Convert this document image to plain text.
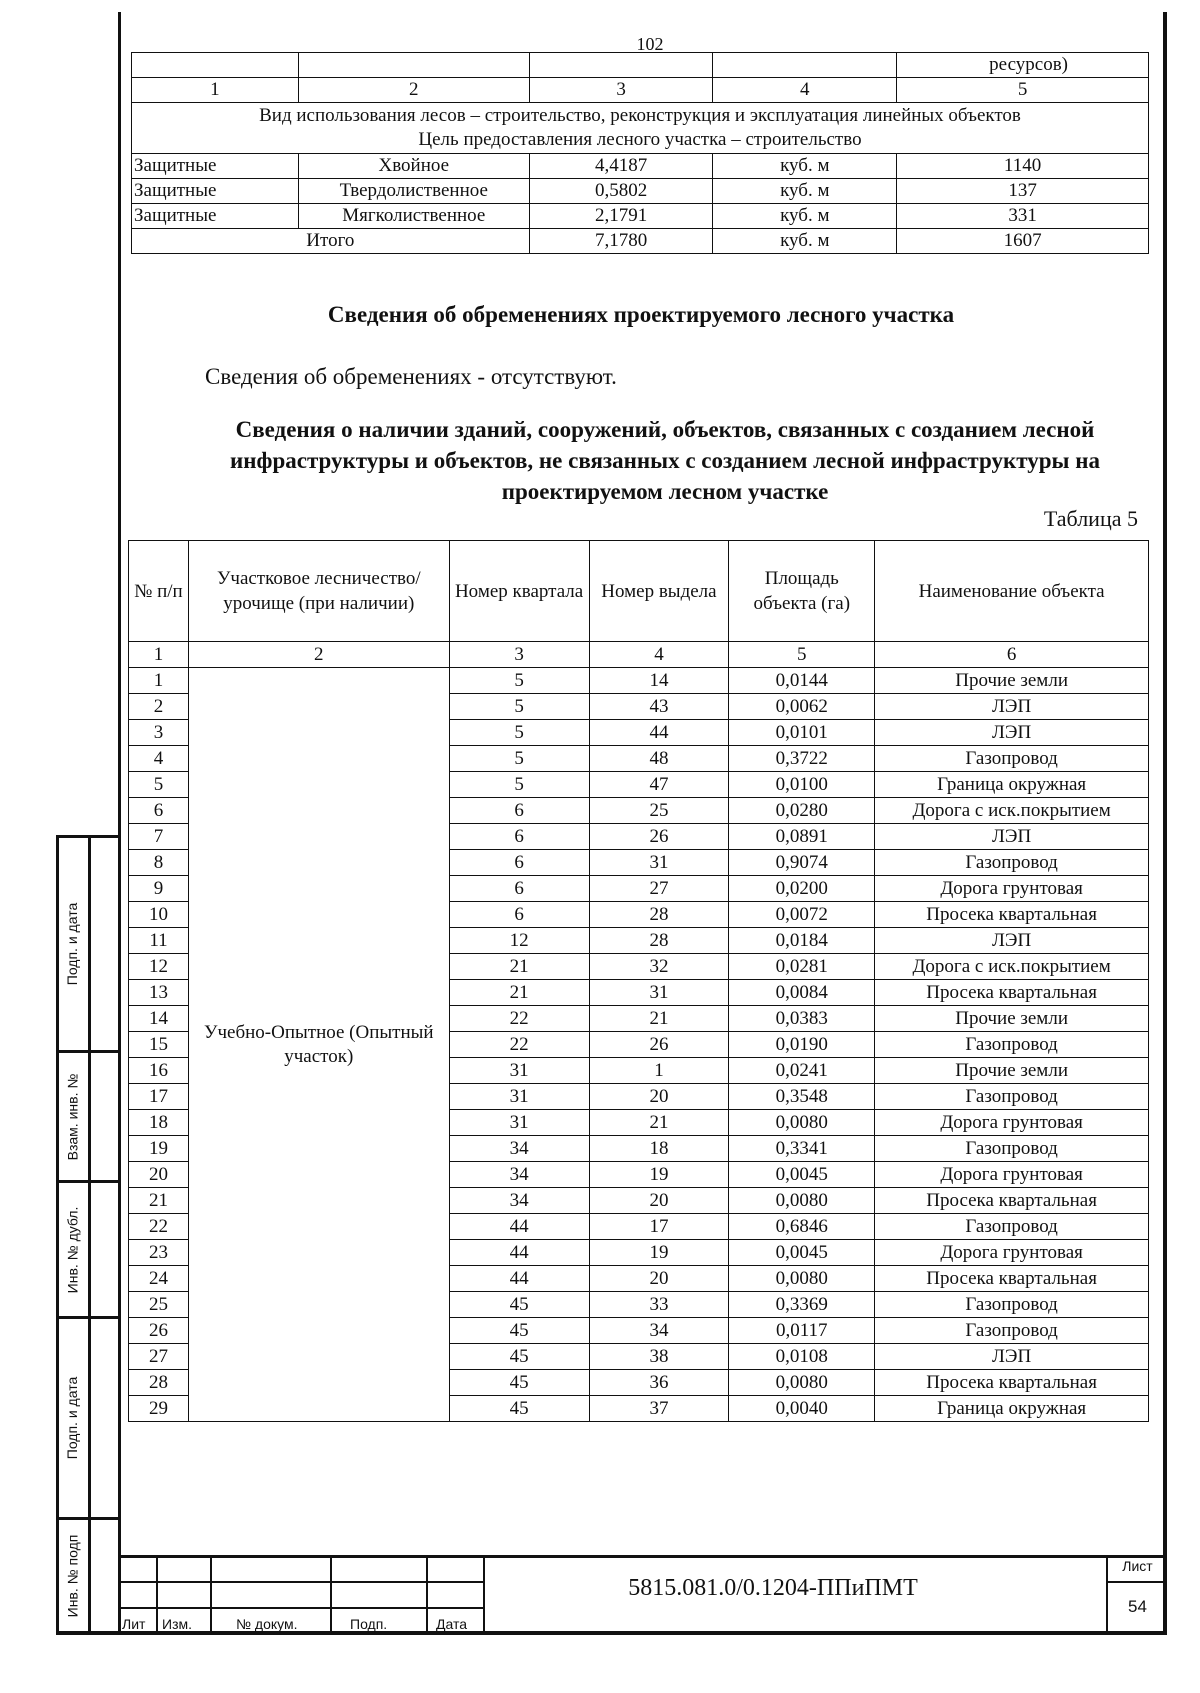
102
				ресурсов)
1	2	3	4	5

Вид использования лесов – строительство, реконструкция и эксплуатация линейных объектов
Цель предоставления лесного участка – строительство				

Защитные	Хвойное	4,4187	куб. м	1140
Защитные	Твердолиственное	0,5802	куб. м	137
Защитные	Мягколиственное	2,1791	куб. м	331
Итого		7,1780	куб. м	1607
Сведения об обременениях проектируемого лесного участка
Сведения об обременениях - отсутствуют.
Сведения о наличии зданий, сооружений, объектов, связанных с созданием лесной инфраструктуры и объектов, не связанных с созданием лесной инфраструктуры на проектируемом лесном участке
Таблица 5
№ п/п	Участковое лесничество/ урочище (при наличии)	Номер квартала	Номер выдела	Площадь объекта (га)	Наименование объекта
1	2	3	4	5	6
1	Учебно-Опытное (Опытный участок)	5	14	0,0144	Прочие земли
2		5	43	0,0062	ЛЭП
3		5	44	0,0101	ЛЭП
4		5	48	0,3722	Газопровод
5		5	47	0,0100	Граница окружная
6		6	25	0,0280	Дорога с иск.покрытием
7		6	26	0,0891	ЛЭП
8		6	31	0,9074	Газопровод
9		6	27	0,0200	Дорога грунтовая
10		6	28	0,0072	Просека квартальная
11		12	28	0,0184	ЛЭП
12		21	32	0,0281	Дорога с иск.покрытием
13		21	31	0,0084	Просека квартальная
14		22	21	0,0383	Прочие земли
15		22	26	0,0190	Газопровод
16		31	1	0,0241	Прочие земли
17		31	20	0,3548	Газопровод
18		31	21	0,0080	Дорога грунтовая
19		34	18	0,3341	Газопровод
20		34	19	0,0045	Дорога грунтовая
21		34	20	0,0080	Просека квартальная
22		44	17	0,6846	Газопровод
23		44	19	0,0045	Дорога грунтовая
24		44	20	0,0080	Просека квартальная
25		45	33	0,3369	Газопровод
26		45	34	0,0117	Газопровод
27		45	38	0,0108	ЛЭП
28		45	36	0,0080	Просека квартальная
29		45	37	0,0040	Граница окружная
Подп. и дата
Взам. инв. №
Инв. № дубл.
Подп. и дата
Инв. № подп
Лит Изм.	№ докум.	Подп.	Дата
5815.081.0/0.1204-ППиПМТ
Лист
54
